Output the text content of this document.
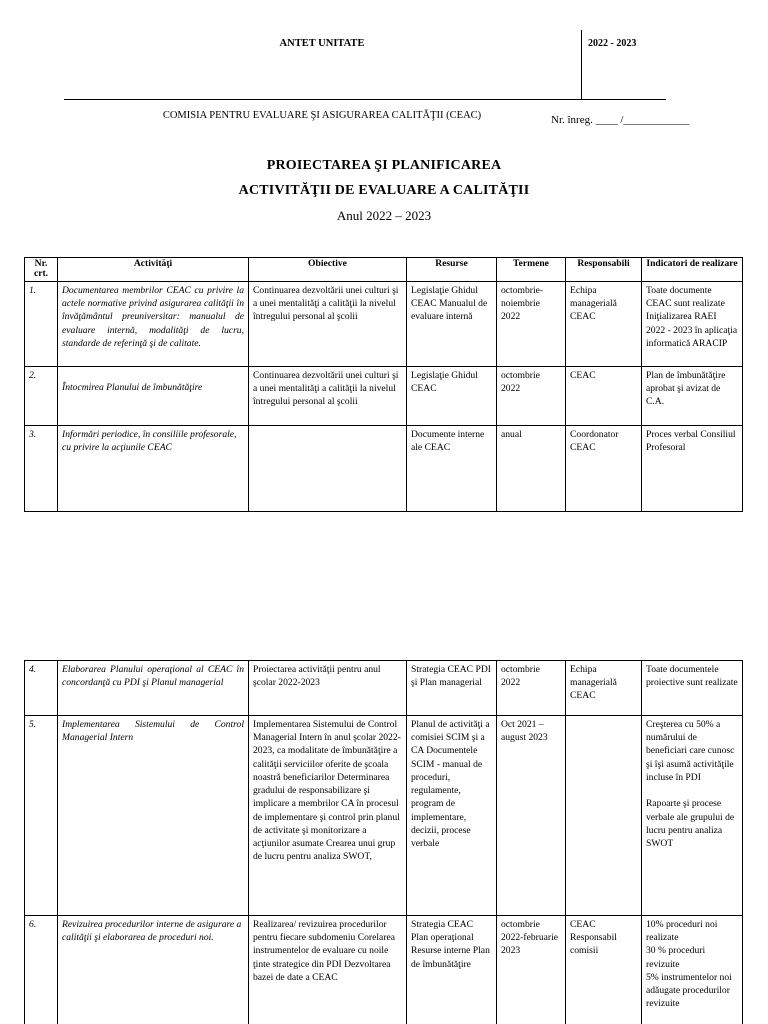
ANTET UNITATE
COMISIA PENTRU EVALUARE ŞI ASIGURAREA CALITĂŢII (CEAC)
2022 - 2023
Nr. înreg. ____ /____________
PROIECTAREA ŞI PLANIFICAREA
ACTIVITĂŢII DE EVALUARE A CALITĂŢII
Anul 2022 – 2023
Nr. crt.	Activităţi	Obiective	Resurse	Termene	Responsabili	Indicatori de realizare
1.	Documentarea membrilor CEAC cu privire la actele normative privind asigurarea calităţii în învăţământul preuniversitar: manualul de evaluare internă, modalităţi de lucru, standarde de referinţă şi de calitate.	Continuarea dezvoltării unei culturi şi a unei mentalităţi a calităţii la nivelul întregului personal al şcolii	Legislaţie Ghidul CEAC Manualul de evaluare internă	octombrie-noiembrie 2022	Echipa managerială CEAC	Toate documente CEAC sunt realizate Iniţializarea RAEI 2022 - 2023 în aplicaţia informatică ARACIP
2.	Întocmirea Planului de îmbunătăţire	Continuarea dezvoltării unei culturi şi a unei mentalităţi a calităţii la nivelul întregului personal al şcolii	Legislaţie Ghidul CEAC	octombrie 2022	CEAC	Plan de îmbunătăţire aprobat şi avizat de C.A.
3.	Informări periodice, în consiliile profesorale, cu privire la acţiunile CEAC		Documente interne ale CEAC	anual	Coordonator CEAC	Proces verbal Consiliul Profesoral
4.	Elaborarea Planului operaţional al CEAC în concordanţă cu PDI şi Planul managerial	Proiectarea activităţii pentru anul şcolar 2022-2023	Strategia CEAC PDI şi Plan managerial	octombrie 2022	Echipa managerială CEAC	Toate documentele proiective sunt realizate
5.	Implementarea Sistemului de Control Managerial Intern	Implementarea Sistemului de Control Managerial Intern în anul şcolar 2022-2023, ca modalitate de îmbunătăţire a calităţii serviciilor oferite de şcoala noastră beneficiarilor Determinarea gradului de responsabilizare şi implicare a membrilor CA în procesul de implementare şi control prin planul de activitate şi monitorizare a acţiunilor asumate Crearea unui grup de lucru pentru analiza SWOT,	Planul de activităţi a comisiei SCIM şi a CA Documentele SCIM - manual de proceduri, regulamente, program de implementare, decizii, procese verbale	Oct 2021 – august 2023		Creşterea cu 50% a numărului de beneficiari care cunosc şi îşi asumă activităţile incluse în PDI

Rapoarte şi procese verbale ale grupului de lucru pentru analiza SWOT
6.	Revizuirea procedurilor interne de asigurare a calităţii şi elaborarea de proceduri noi.	Realizarea/ revizuirea procedurilor pentru fiecare subdomeniu Corelarea instrumentelor de evaluare cu noile ţinte strategice din PDI Dezvoltarea bazei de date a CEAC	Strategia CEAC Plan operaţional Resurse interne Plan de îmbunătăţire	octombrie 2022-februarie 2023	CEAC Responsabil comisii	10% proceduri noi realizate
30 % proceduri revizuite
5% instrumentelor noi adăugate procedurilor revizuite
